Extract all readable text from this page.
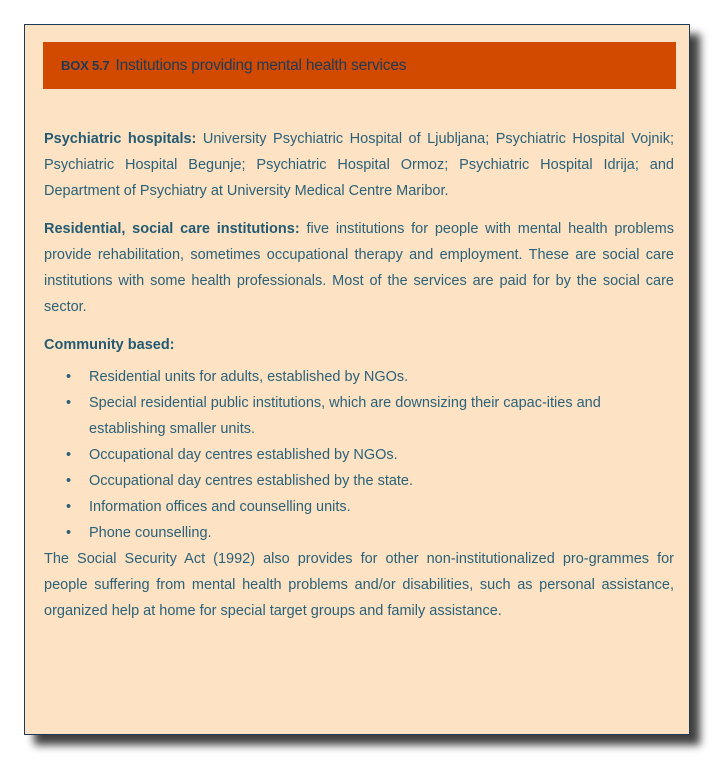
BOX 5.7 Institutions providing mental health services

Psychiatric hospitals: University Psychiatric Hospital of Ljubljana; Psychiatric Hospital Vojnik; Psychiatric Hospital Begunje; Psychiatric Hospital Ormoz; Psychiatric Hospital Idrija; and Department of Psychiatry at University Medical Centre Maribor.

Residential, social care institutions: five institutions for people with mental health problems provide rehabilitation, sometimes occupational therapy and employment. These are social care institutions with some health professionals. Most of the services are paid for by the social care sector.

Community based:
• Residential units for adults, established by NGOs.
• Special residential public institutions, which are downsizing their capac-ities and establishing smaller units.
• Occupational day centres established by NGOs.
• Occupational day centres established by the state.
• Information offices and counselling units.
• Phone counselling.

The Social Security Act (1992) also provides for other non-institutionalized pro-grammes for people suffering from mental health problems and/or disabilities, such as personal assistance, organized help at home for special target groups and family assistance.
